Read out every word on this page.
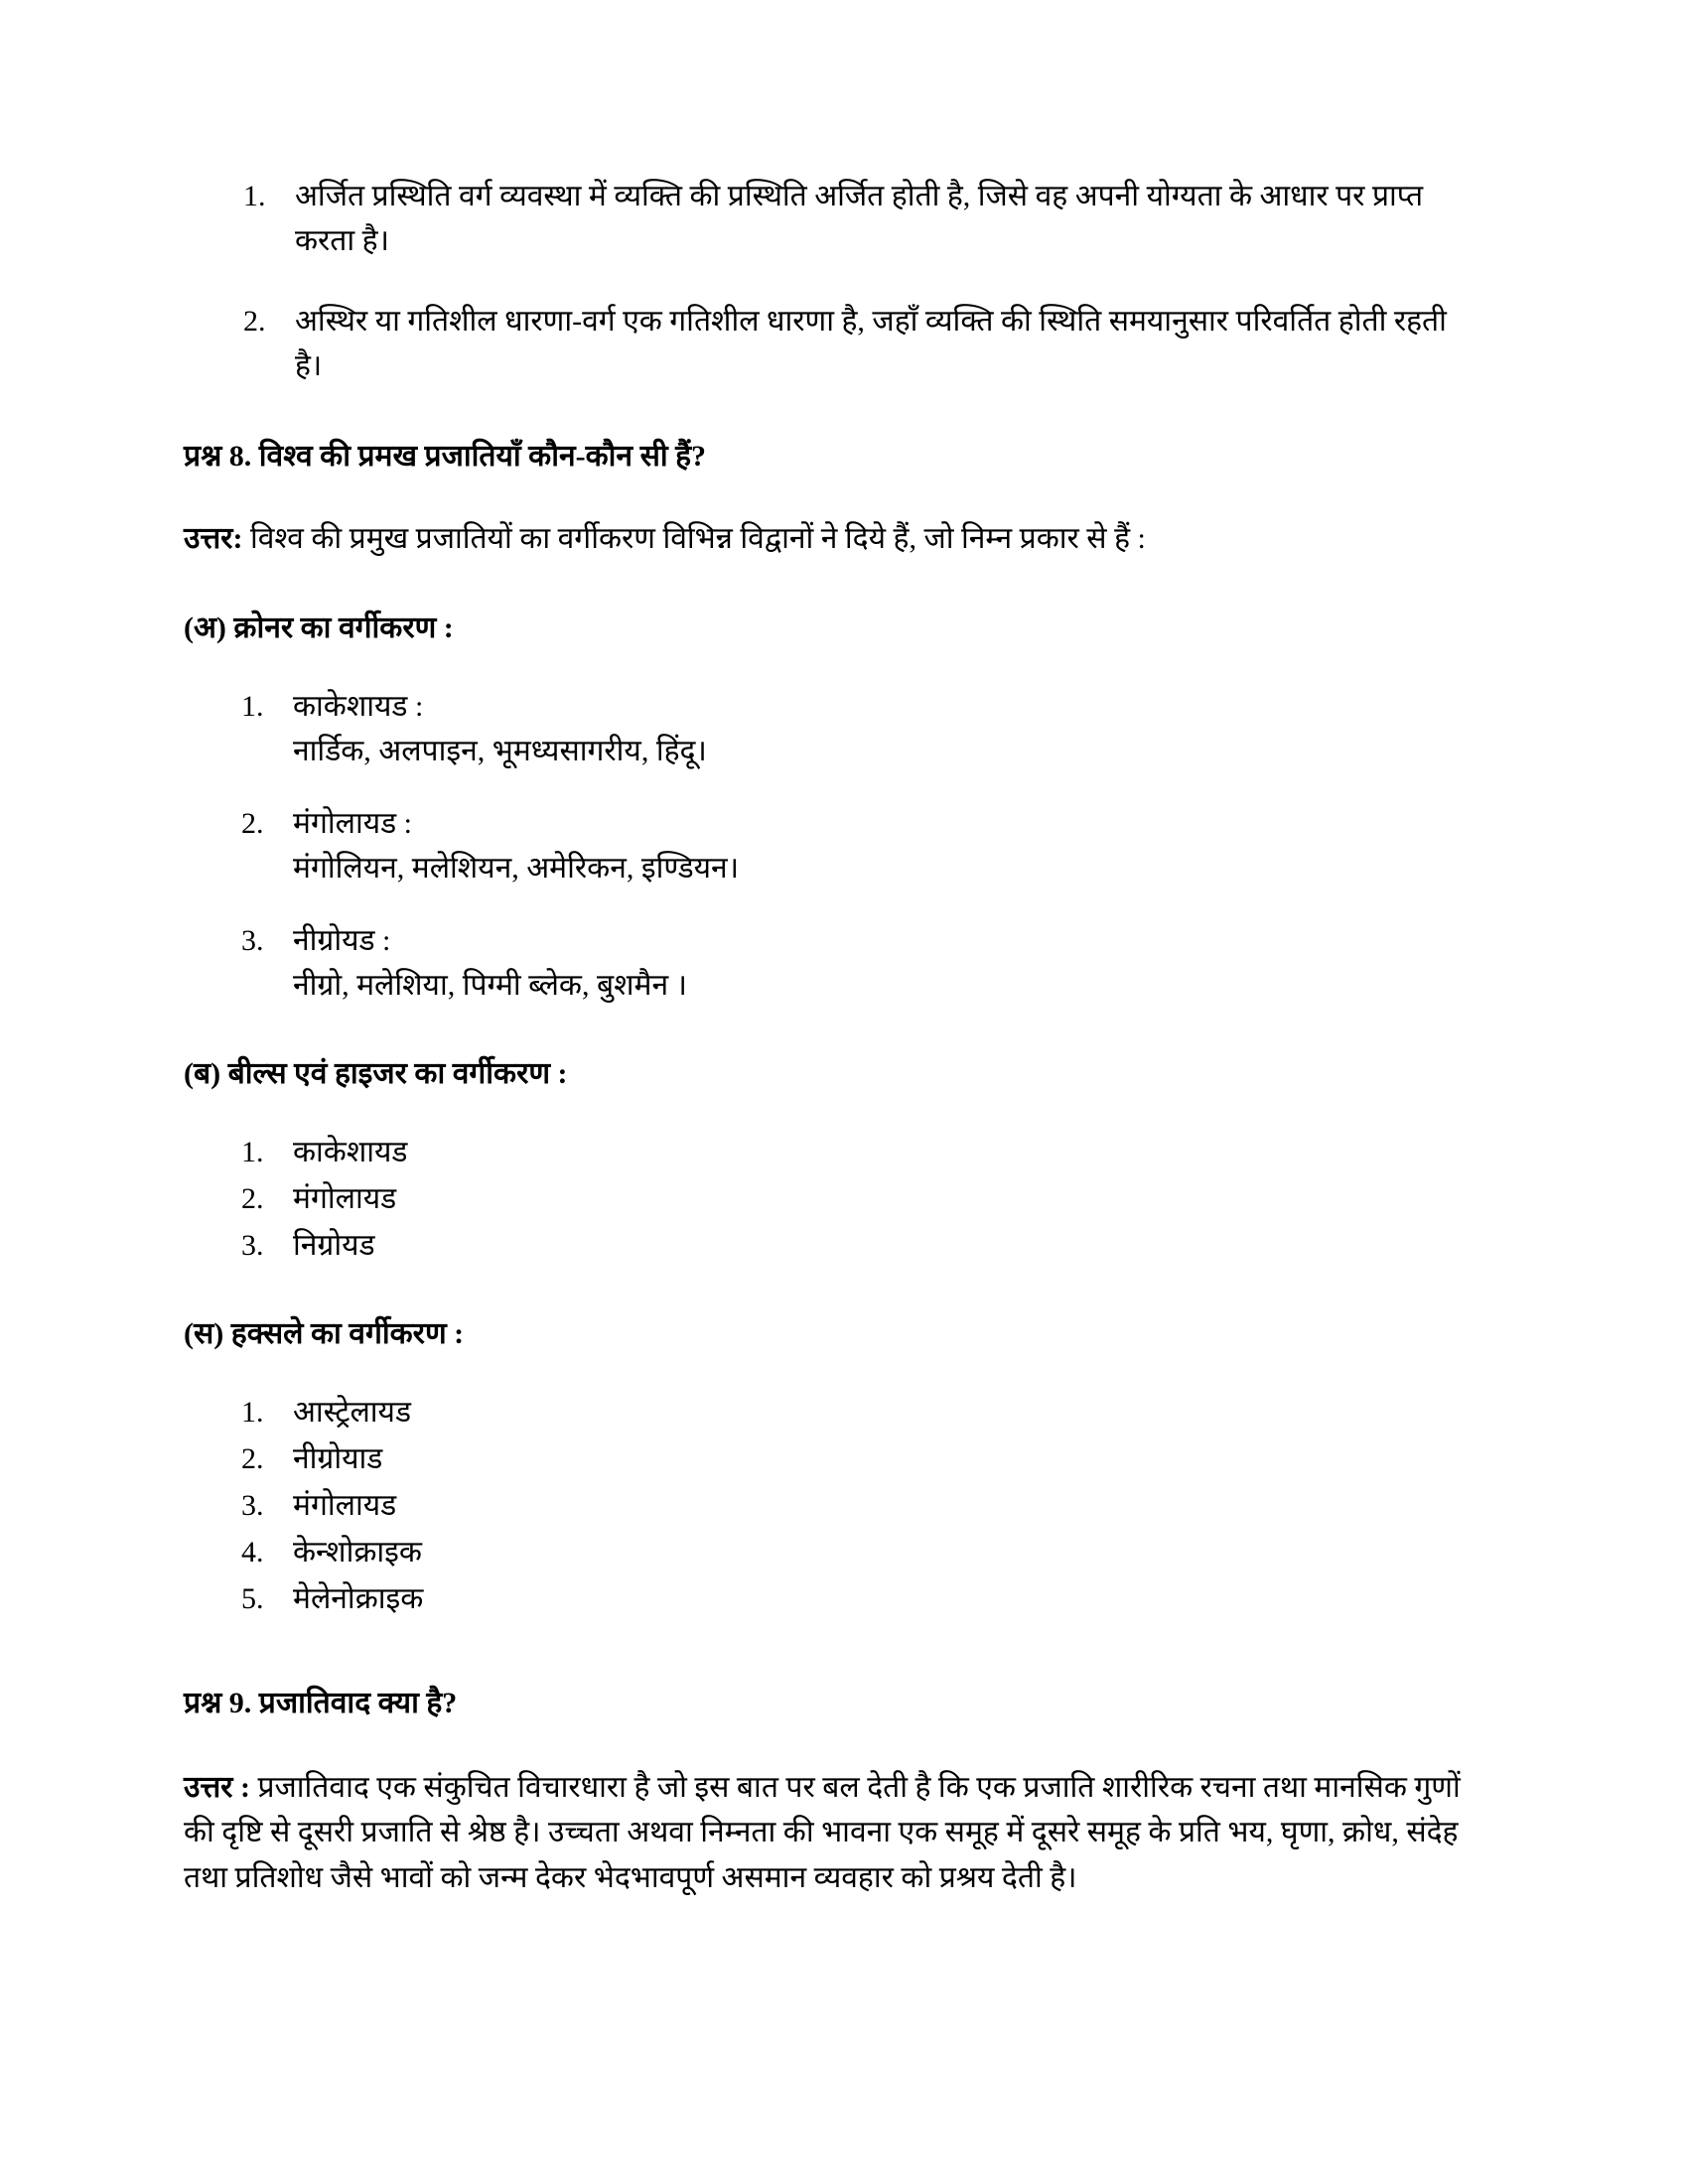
अर्जित प्रस्थिति वर्ग व्यवस्था में व्यक्ति की प्रस्थिति अर्जित होती है, जिसे वह अपनी योग्यता के आधार पर प्राप्त करता है।
अस्थिर या गतिशील धारणा-वर्ग एक गतिशील धारणा है, जहाँ व्यक्ति की स्थिति समयानुसार परिवर्तित होती रहती है।

प्रश्न 8. विश्व की प्रमख प्रजातियाँ कौन-कौन सी हैं?

उत्तर: विश्व की प्रमुख प्रजातियों का वर्गीकरण विभिन्न विद्वानों ने दिये हैं, जो निम्न प्रकार से हैं :

(अ) क्रोनर का वर्गीकरण :

काकेशायड :
नार्डिक, अलपाइन, भूमध्यसागरीय, हिंदू।
मंगोलायड :
मंगोलियन, मलेशियन, अमेरिकन, इण्डियन।
नीग्रोयड :
नीग्रो, मलेशिया, पिग्मी ब्लेक, बुशमैन ।

(ब) बील्स एवं हाइजर का वर्गीकरण :

काकेशायड
मंगोलायड
निग्रोयड

(स) हक्सले का वर्गीकरण :

आस्ट्रेलायड
नीग्रोयाड
मंगोलायड
केन्शोक्राइक
मेलेनोक्राइक

प्रश्न 9. प्रजातिवाद क्या है?

उत्तर : प्रजातिवाद एक संकुचित विचारधारा है जो इस बात पर बल देती है कि एक प्रजाति शारीरिक रचना तथा मानसिक गुणों की दृष्टि से दूसरी प्रजाति से श्रेष्ठ है। उच्चता अथवा निम्नता की भावना एक समूह में दूसरे समूह के प्रति भय, घृणा, क्रोध, संदेह तथा प्रतिशोध जैसे भावों को जन्म देकर भेदभावपूर्ण असमान व्यवहार को प्रश्रय देती है।
